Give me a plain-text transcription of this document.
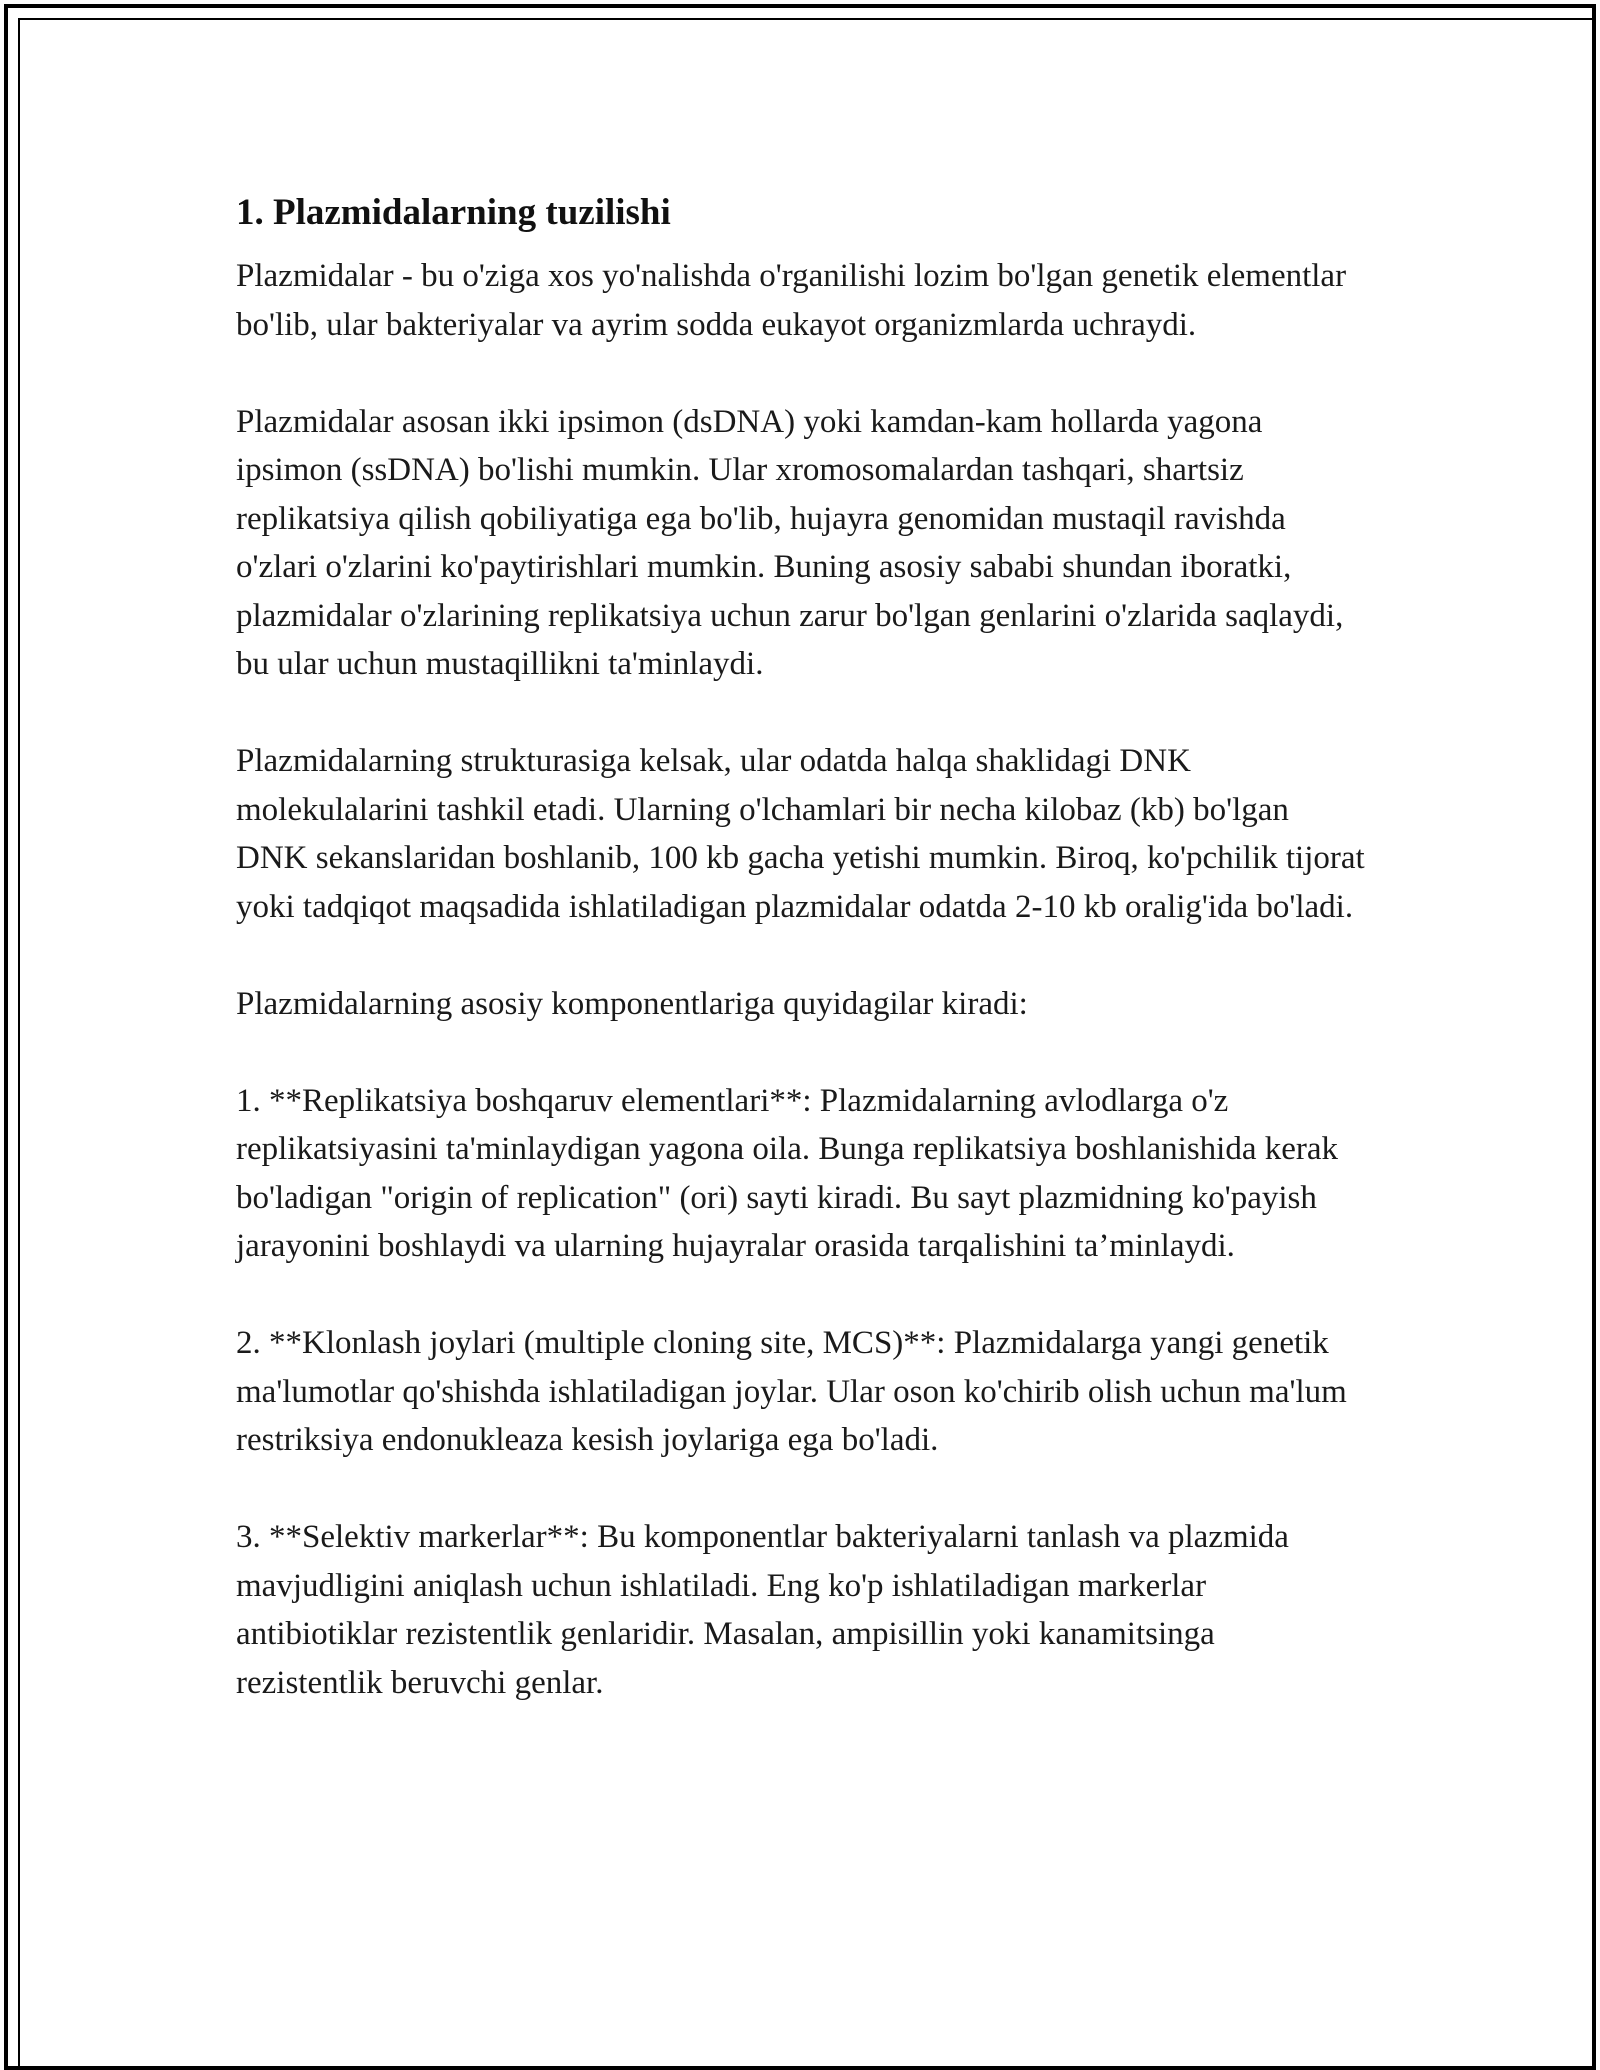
1. Plazmidalarning tuzilishi

Plazmidalar - bu o'ziga xos yo'nalishda o'rganilishi lozim bo'lgan genetik elementlar bo'lib, ular bakteriyalar va ayrim sodda eukayot organizmlarda uchraydi.

Plazmidalar asosan ikki ipsimon (dsDNA) yoki kamdan-kam hollarda yagona ipsimon (ssDNA) bo'lishi mumkin. Ular xromosomalardan tashqari, shartsiz replikatsiya qilish qobiliyatiga ega bo'lib, hujayra genomidan mustaqil ravishda o'zlari o'zlarini ko'paytirishlari mumkin. Buning asosiy sababi shundan iboratki, plazmidalar o'zlarining replikatsiya uchun zarur bo'lgan genlarini o'zlarida saqlaydi, bu ular uchun mustaqillikni ta'minlaydi.

Plazmidalarning strukturasiga kelsak, ular odatda halqa shaklidagi DNK molekulalarini tashkil etadi. Ularning o'lchamlari bir necha kilobaz (kb) bo'lgan DNK sekanslaridan boshlanib, 100 kb gacha yetishi mumkin. Biroq, ko'pchilik tijorat yoki tadqiqot maqsadida ishlatiladigan plazmidalar odatda 2-10 kb oralig'ida bo'ladi.

Plazmidalarning asosiy komponentlariga quyidagilar kiradi:

1. **Replikatsiya boshqaruv elementlari**: Plazmidalarning avlodlarga o'z replikatsiyasini ta'minlaydigan yagona oila. Bunga replikatsiya boshlanishida kerak bo'ladigan "origin of replication" (ori) sayti kiradi. Bu sayt plazmidning ko'payish jarayonini boshlaydi va ularning hujayralar orasida tarqalishini ta’minlaydi.

2. **Klonlash joylari (multiple cloning site, MCS)**: Plazmidalarga yangi genetik ma'lumotlar qo'shishda ishlatiladigan joylar. Ular oson ko'chirib olish uchun ma'lum restriksiya endonukleaza kesish joylariga ega bo'ladi.

3. **Selektiv markerlar**: Bu komponentlar bakteriyalarni tanlash va plazmida mavjudligini aniqlash uchun ishlatiladi. Eng ko'p ishlatiladigan markerlar antibiotiklar rezistentlik genlaridir. Masalan, ampisillin yoki kanamitsinga rezistentlik beruvchi genlar.
